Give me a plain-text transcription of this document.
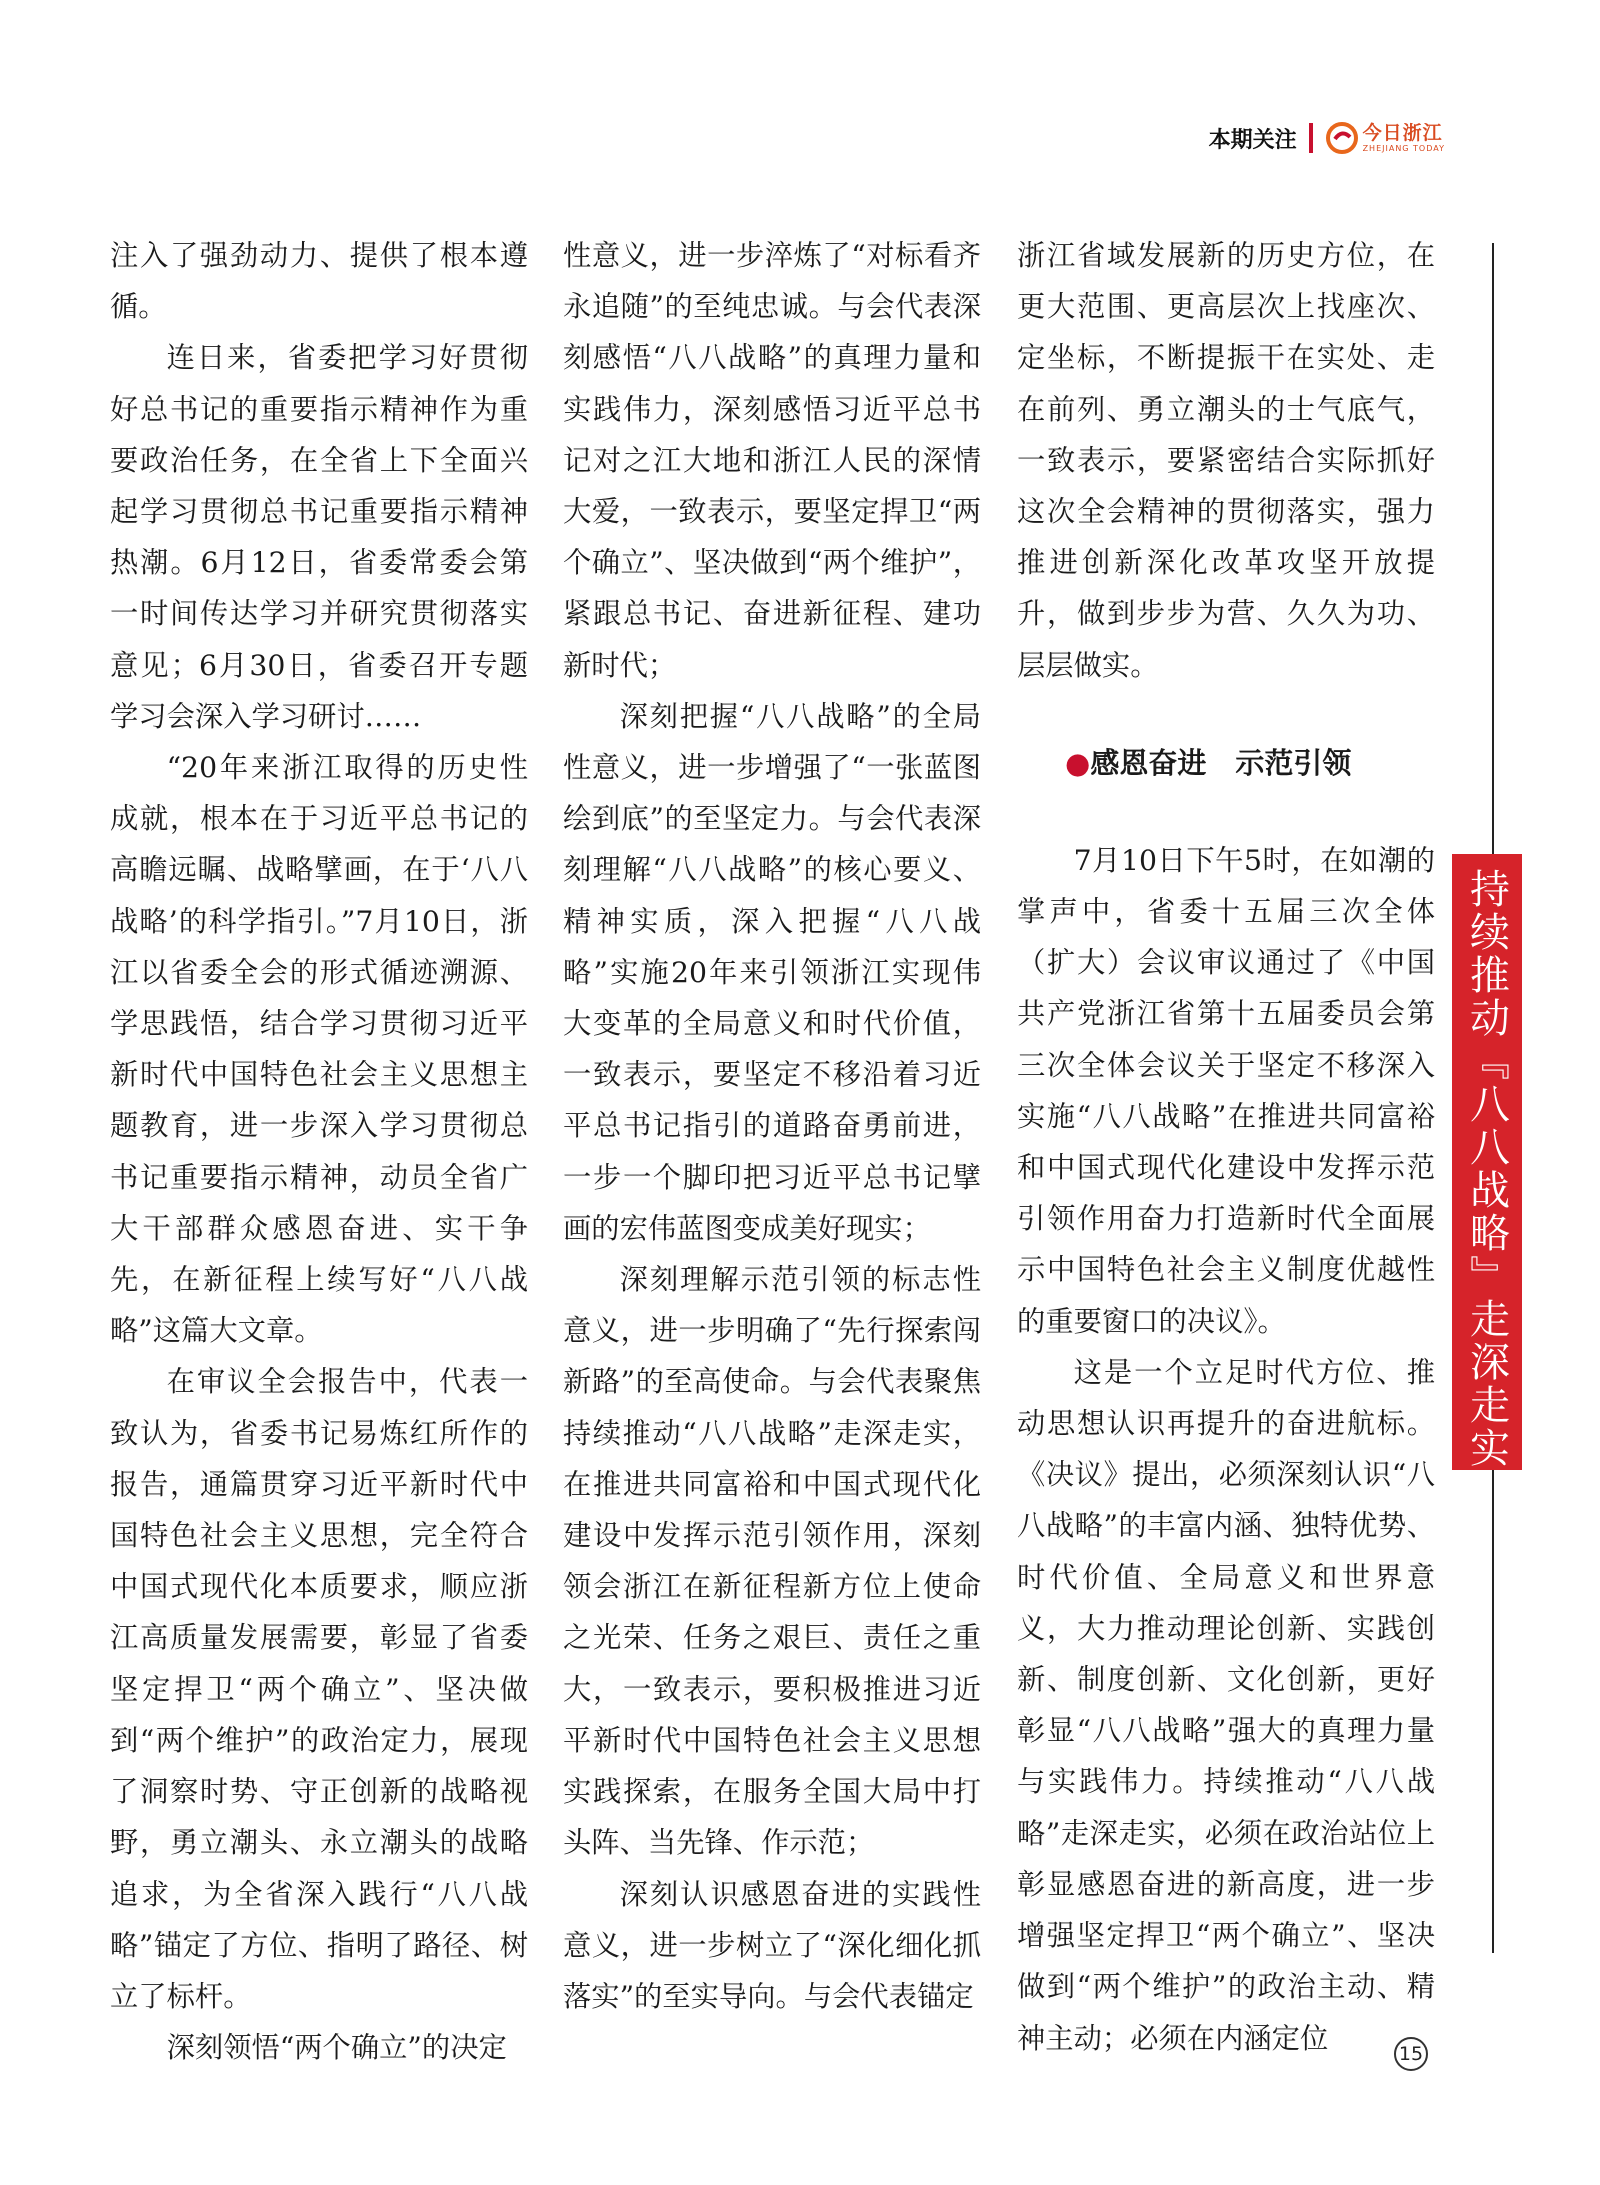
本期关注	今日浙江
ZHEJIANG TODAY

注入了强劲动力、提供了根本遵循。

连日来，省委把学习好贯彻好总书记的重要指示精神作为重要政治任务，在全省上下全面兴起学习贯彻总书记重要指示精神热潮。6月12日，省委常委会第一时间传达学习并研究贯彻落实意见；6月30日，省委召开专题学习会深入学习研讨……

“20年来浙江取得的历史性成就，根本在于习近平总书记的高瞻远瞩、战略擘画，在于‘八八战略’的科学指引。”7月10日，浙江以省委全会的形式循迹溯源、学思践悟，结合学习贯彻习近平新时代中国特色社会主义思想主题教育，进一步深入学习贯彻总书记重要指示精神，动员全省广大干部群众感恩奋进、实干争先，在新征程上续写好“八八战略”这篇大文章。

在审议全会报告中，代表一致认为，省委书记易炼红所作的报告，通篇贯穿习近平新时代中国特色社会主义思想，完全符合中国式现代化本质要求，顺应浙江高质量发展需要，彰显了省委坚定捍卫“两个确立”、坚决做到“两个维护”的政治定力，展现了洞察时势、守正创新的战略视野，勇立潮头、永立潮头的战略追求，为全省深入践行“八八战略”锚定了方位、指明了路径、树立了标杆。

深刻领悟“两个确立”的决定

性意义，进一步淬炼了“对标看齐永追随”的至纯忠诚。与会代表深刻感悟“八八战略”的真理力量和实践伟力，深刻感悟习近平总书记对之江大地和浙江人民的深情大爱，一致表示，要坚定捍卫“两个确立”、坚决做到“两个维护”，紧跟总书记、奋进新征程、建功新时代；

深刻把握“八八战略”的全局性意义，进一步增强了“一张蓝图绘到底”的至坚定力。与会代表深刻理解“八八战略”的核心要义、精神实质，深入把握“八八战略”实施20年来引领浙江实现伟大变革的全局意义和时代价值，一致表示，要坚定不移沿着习近平总书记指引的道路奋勇前进，一步一个脚印把习近平总书记擘画的宏伟蓝图变成美好现实；

深刻理解示范引领的标志性意义，进一步明确了“先行探索闯新路”的至高使命。与会代表聚焦持续推动“八八战略”走深走实，在推进共同富裕和中国式现代化建设中发挥示范引领作用，深刻领会浙江在新征程新方位上使命之光荣、任务之艰巨、责任之重大，一致表示，要积极推进习近平新时代中国特色社会主义思想实践探索，在服务全国大局中打头阵、当先锋、作示范；

深刻认识感恩奋进的实践性意义，进一步树立了“深化细化抓落实”的至实导向。与会代表锚定

浙江省域发展新的历史方位，在更大范围、更高层次上找座次、定坐标，不断提振干在实处、走在前列、勇立潮头的士气底气，一致表示，要紧密结合实际抓好这次全会精神的贯彻落实，强力推进创新深化改革攻坚开放提升，做到步步为营、久久为功、层层做实。

●感恩奋进　示范引领

7月10日下午5时，在如潮的掌声中，省委十五届三次全体（扩大）会议审议通过了《中国共产党浙江省第十五届委员会第三次全体会议关于坚定不移深入实施“八八战略”在推进共同富裕和中国式现代化建设中发挥示范引领作用奋力打造新时代全面展示中国特色社会主义制度优越性的重要窗口的决议》。

这是一个立足时代方位、推动思想认识再提升的奋进航标。《决议》提出，必须深刻认识“八八战略”的丰富内涵、独特优势、时代价值、全局意义和世界意义，大力推动理论创新、实践创新、制度创新、文化创新，更好彰显“八八战略”强大的真理力量与实践伟力。持续推动“八八战略”走深走实，必须在政治站位上彰显感恩奋进的新高度，进一步增强坚定捍卫“两个确立”、坚决做到“两个维护”的政治主动、精神主动；必须在内涵定位

持续推动『八八战略』走深走实
15
